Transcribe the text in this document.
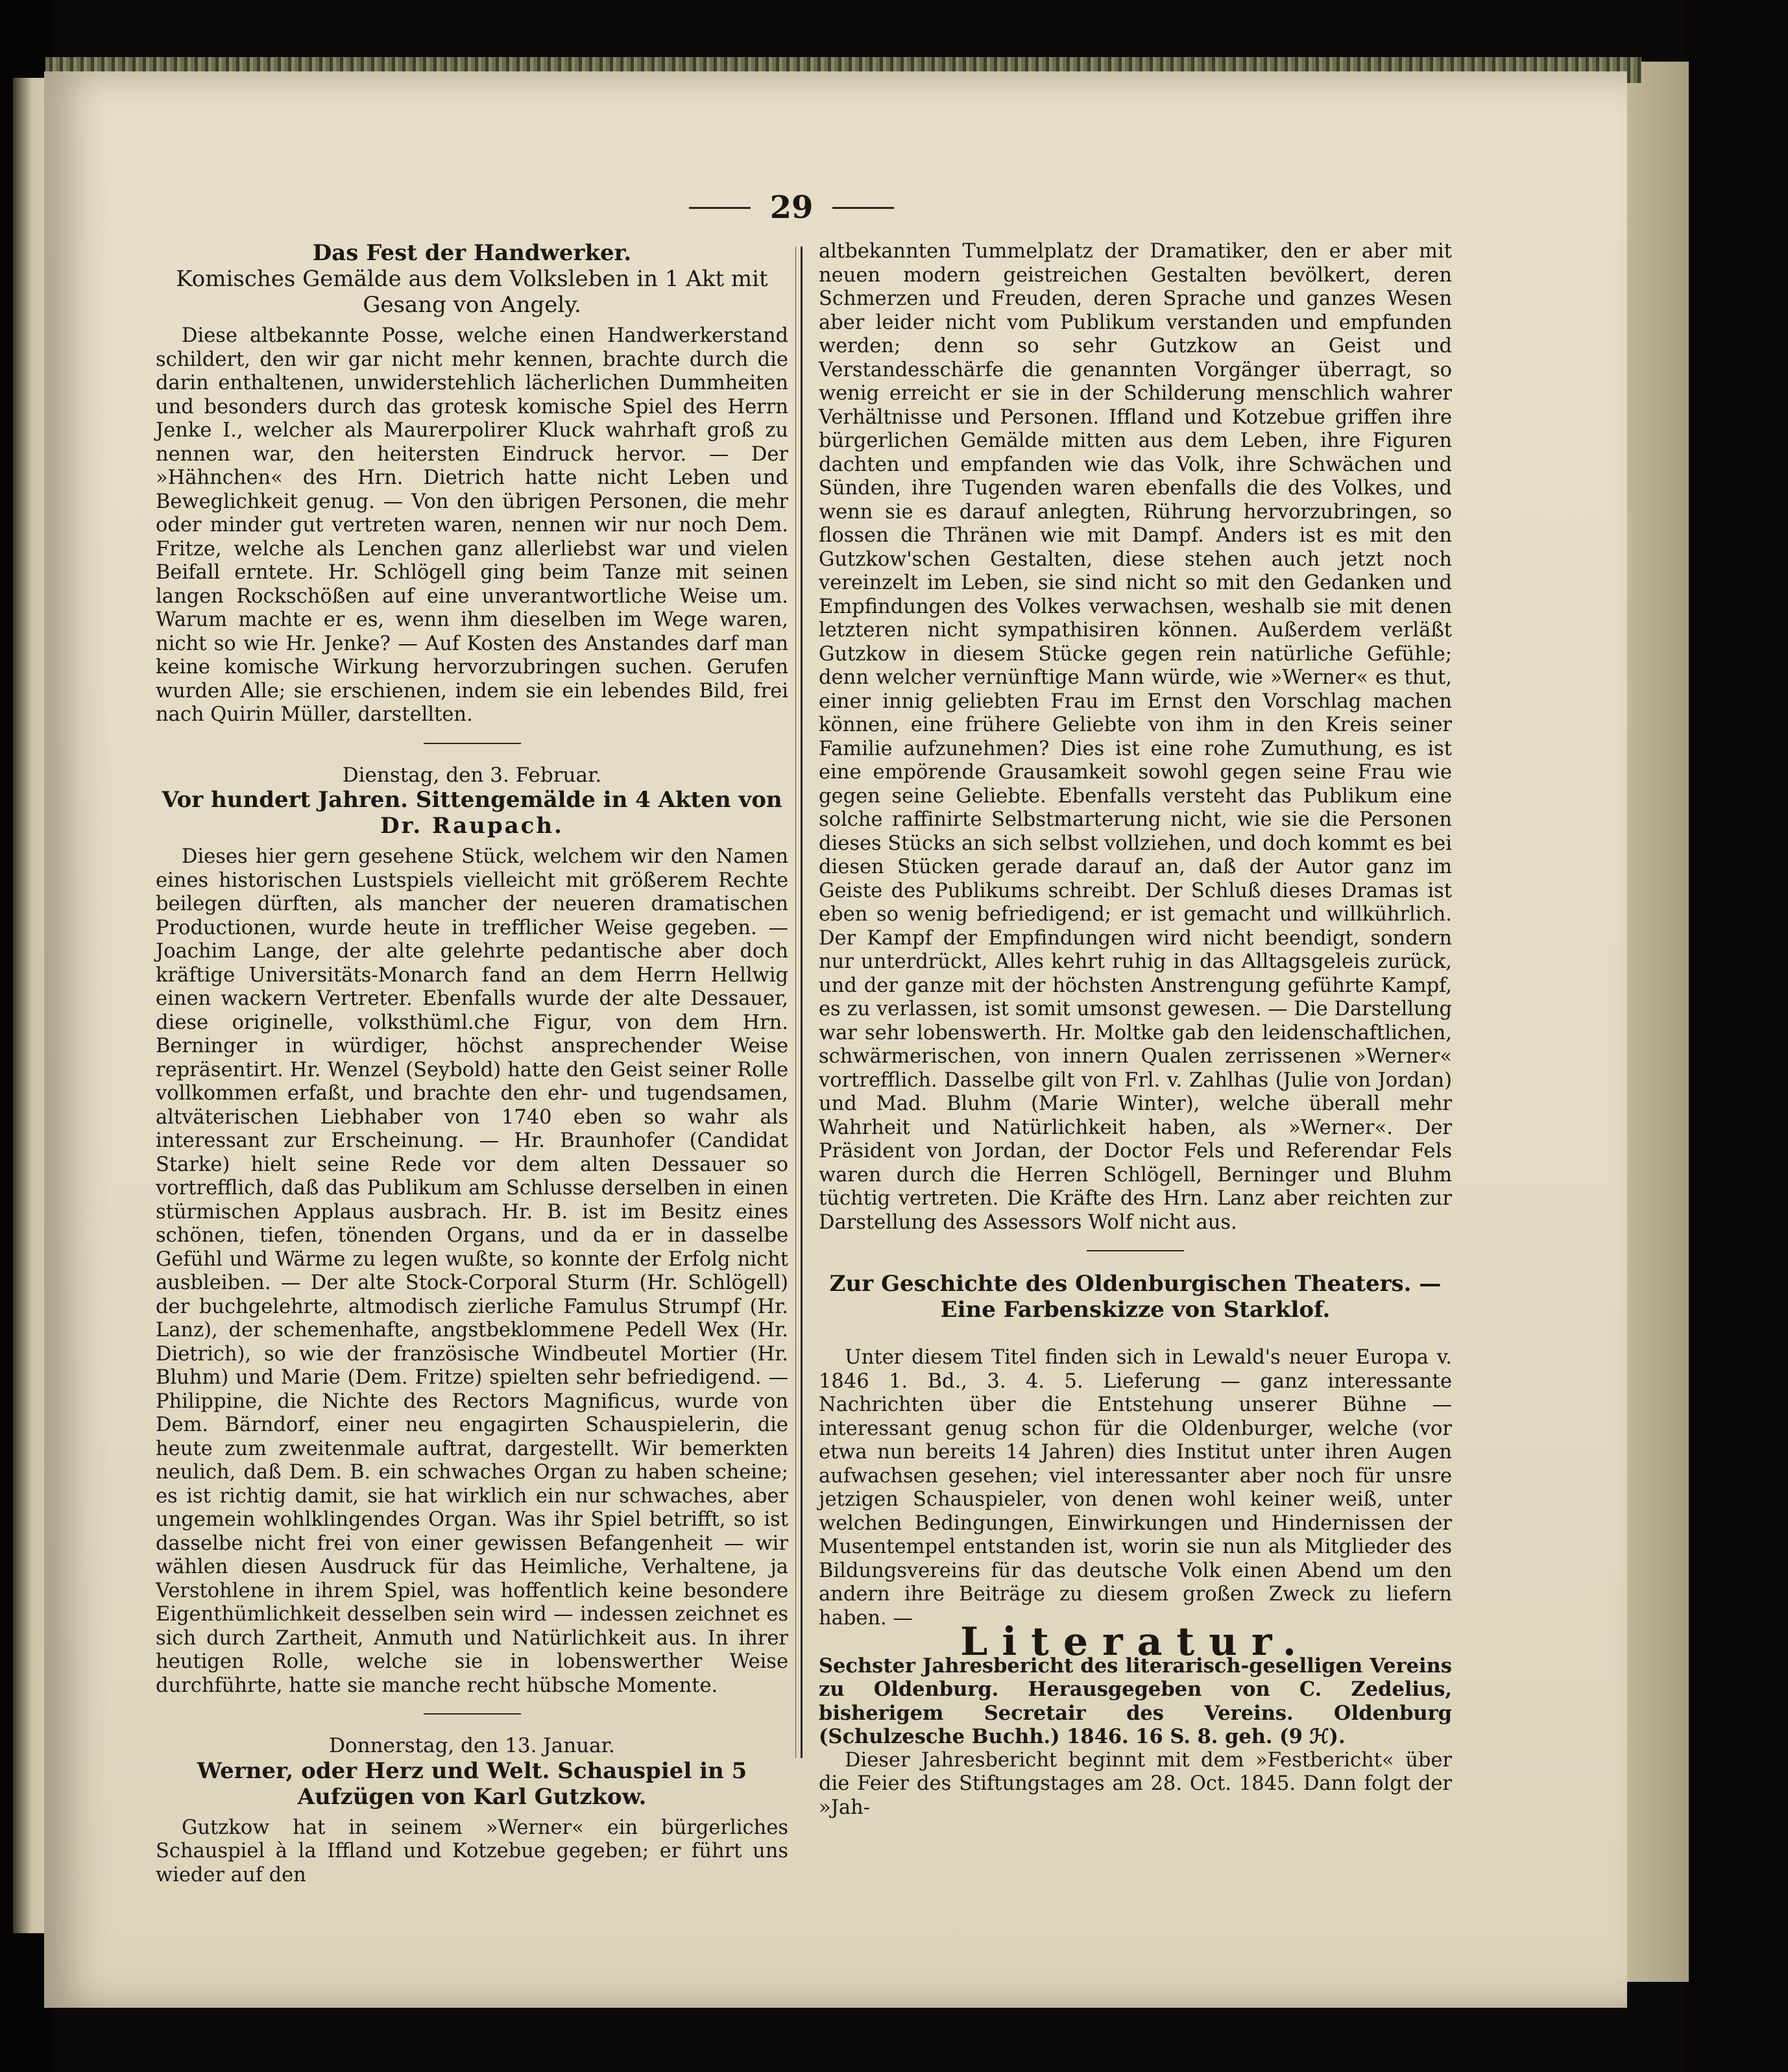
29

Das Fest der Handwerker.

Komisches Gemälde aus dem Volksleben in 1 Akt mit Gesang von Angely.

Diese altbekannte Posse, welche einen Handwerkerstand schildert, den wir gar nicht mehr kennen, brachte durch die darin enthaltenen, unwiderstehlich lächerlichen Dummheiten und besonders durch das grotesk komische Spiel des Herrn Jenke I., welcher als Maurerpolirer Kluck wahrhaft groß zu nennen war, den heitersten Eindruck hervor. — Der »Hähnchen« des Hrn. Dietrich hatte nicht Leben und Beweglichkeit genug. — Von den übrigen Personen, die mehr oder minder gut vertreten waren, nennen wir nur noch Dem. Fritze, welche als Lenchen ganz allerliebst war und vielen Beifall erntete. Hr. Schlögell ging beim Tanze mit seinen langen Rockschößen auf eine unverantwortliche Weise um. Warum machte er es, wenn ihm dieselben im Wege waren, nicht so wie Hr. Jenke? — Auf Kosten des Anstandes darf man keine komische Wirkung hervorzubringen suchen. Gerufen wurden Alle; sie erschienen, indem sie ein lebendes Bild, frei nach Quirin Müller, darstellten.

Dienstag, den 3. Februar.

Vor hundert Jahren. Sittengemälde in 4 Akten von

Dr. Raupach.

Dieses hier gern gesehene Stück, welchem wir den Namen eines historischen Lustspiels vielleicht mit größerem Rechte beilegen dürften, als mancher der neueren dramatischen Productionen, wurde heute in trefflicher Weise gegeben. — Joachim Lange, der alte gelehrte pedantische aber doch kräftige Universitäts-Monarch fand an dem Herrn Hellwig einen wackern Vertreter. Ebenfalls wurde der alte Dessauer, diese originelle, volksthüml.che Figur, von dem Hrn. Berninger in würdiger, höchst ansprechender Weise repräsentirt. Hr. Wenzel (Seybold) hatte den Geist seiner Rolle vollkommen erfaßt, und brachte den ehr- und tugendsamen, altväterischen Liebhaber von 1740 eben so wahr als interessant zur Erscheinung. — Hr. Braunhofer (Candidat Starke) hielt seine Rede vor dem alten Dessauer so vortrefflich, daß das Publikum am Schlusse derselben in einen stürmischen Applaus ausbrach. Hr. B. ist im Besitz eines schönen, tiefen, tönenden Organs, und da er in dasselbe Gefühl und Wärme zu legen wußte, so konnte der Erfolg nicht ausbleiben. — Der alte Stock-Corporal Sturm (Hr. Schlögell) der buchgelehrte, altmodisch zierliche Famulus Strumpf (Hr. Lanz), der schemenhafte, angstbeklommene Pedell Wex (Hr. Dietrich), so wie der französische Windbeutel Mortier (Hr. Bluhm) und Marie (Dem. Fritze) spielten sehr befriedigend. — Philippine, die Nichte des Rectors Magnificus, wurde von Dem. Bärndorf, einer neu engagirten Schauspielerin, die heute zum zweitenmale auftrat, dargestellt. Wir bemerkten neulich, daß Dem. B. ein schwaches Organ zu haben scheine; es ist richtig damit, sie hat wirklich ein nur schwaches, aber ungemein wohlklingendes Organ. Was ihr Spiel betrifft, so ist dasselbe nicht frei von einer gewissen Befangenheit — wir wählen diesen Ausdruck für das Heimliche, Verhaltene, ja Verstohlene in ihrem Spiel, was hoffentlich keine besondere Eigenthümlichkeit desselben sein wird — indessen zeichnet es sich durch Zartheit, Anmuth und Natürlichkeit aus. In ihrer heutigen Rolle, welche sie in lobenswerther Weise durchführte, hatte sie manche recht hübsche Momente.

Donnerstag, den 13. Januar.

Werner, oder Herz und Welt. Schauspiel in 5 Aufzügen von Karl Gutzkow.

Gutzkow hat in seinem »Werner« ein bürgerliches Schauspiel à la Iffland und Kotzebue gegeben; er führt uns wieder auf den

altbekannten Tummelplatz der Dramatiker, den er aber mit neuen modern geistreichen Gestalten bevölkert, deren Schmerzen und Freuden, deren Sprache und ganzes Wesen aber leider nicht vom Publikum verstanden und empfunden werden; denn so sehr Gutzkow an Geist und Verstandesschärfe die genannten Vorgänger überragt, so wenig erreicht er sie in der Schilderung menschlich wahrer Verhältnisse und Personen. Iffland und Kotzebue griffen ihre bürgerlichen Gemälde mitten aus dem Leben, ihre Figuren dachten und empfanden wie das Volk, ihre Schwächen und Sünden, ihre Tugenden waren ebenfalls die des Volkes, und wenn sie es darauf anlegten, Rührung hervorzubringen, so flossen die Thränen wie mit Dampf. Anders ist es mit den Gutzkow'schen Gestalten, diese stehen auch jetzt noch vereinzelt im Leben, sie sind nicht so mit den Gedanken und Empfindungen des Volkes verwachsen, weshalb sie mit denen letzteren nicht sympathisiren können. Außerdem verläßt Gutzkow in diesem Stücke gegen rein natürliche Gefühle; denn welcher vernünftige Mann würde, wie »Werner« es thut, einer innig geliebten Frau im Ernst den Vorschlag machen können, eine frühere Geliebte von ihm in den Kreis seiner Familie aufzunehmen? Dies ist eine rohe Zumuthung, es ist eine empörende Grausamkeit sowohl gegen seine Frau wie gegen seine Geliebte. Ebenfalls versteht das Publikum eine solche raffinirte Selbstmarterung nicht, wie sie die Personen dieses Stücks an sich selbst vollziehen, und doch kommt es bei diesen Stücken gerade darauf an, daß der Autor ganz im Geiste des Publikums schreibt. Der Schluß dieses Dramas ist eben so wenig befriedigend; er ist gemacht und willkührlich. Der Kampf der Empfindungen wird nicht beendigt, sondern nur unterdrückt, Alles kehrt ruhig in das Alltagsgeleis zurück, und der ganze mit der höchsten Anstrengung geführte Kampf, es zu verlassen, ist somit umsonst gewesen. — Die Darstellung war sehr lobenswerth. Hr. Moltke gab den leidenschaftlichen, schwärmerischen, von innern Qualen zerrissenen »Werner« vortrefflich. Dasselbe gilt von Frl. v. Zahlhas (Julie von Jordan) und Mad. Bluhm (Marie Winter), welche überall mehr Wahrheit und Natürlichkeit haben, als »Werner«. Der Präsident von Jordan, der Doctor Fels und Referendar Fels waren durch die Herren Schlögell, Berninger und Bluhm tüchtig vertreten. Die Kräfte des Hrn. Lanz aber reichten zur Darstellung des Assessors Wolf nicht aus.

Zur Geschichte des Oldenburgischen Theaters. — Eine Farbenskizze von Starklof.

Unter diesem Titel finden sich in Lewald's neuer Europa v. 1846 1. Bd., 3. 4. 5. Lieferung — ganz interessante Nachrichten über die Entstehung unserer Bühne — interessant genug schon für die Oldenburger, welche (vor etwa nun bereits 14 Jahren) dies Institut unter ihren Augen aufwachsen gesehen; viel interessanter aber noch für unsre jetzigen Schauspieler, von denen wohl keiner weiß, unter welchen Bedingungen, Einwirkungen und Hindernissen der Musentempel entstanden ist, worin sie nun als Mitglieder des Bildungsvereins für das deutsche Volk einen Abend um den andern ihre Beiträge zu diesem großen Zweck zu liefern haben. —

Literatur.

Sechster Jahresbericht des literarisch-geselligen Vereins zu Oldenburg. Herausgegeben von C. Zedelius, bisherigem Secretair des Vereins. Oldenburg (Schulzesche Buchh.) 1846. 16 S. 8. geh. (9 ℋ).

Dieser Jahresbericht beginnt mit dem »Festbericht« über die Feier des Stiftungstages am 28. Oct. 1845. Dann folgt der »Jah-
